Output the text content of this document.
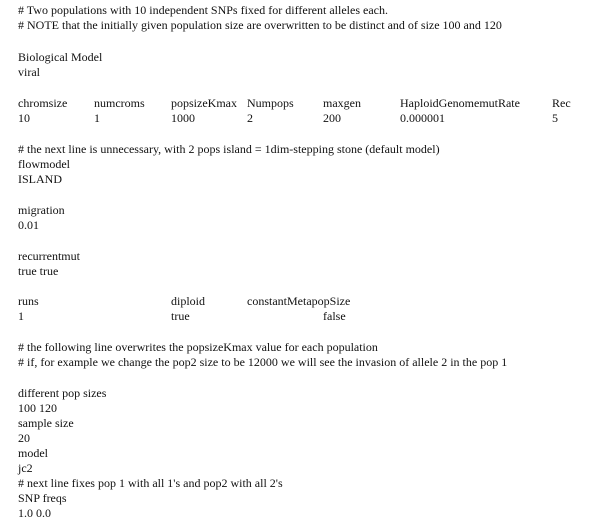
# Two populations with 10 independent SNPs fixed for different alleles each.
# NOTE that the initially given population size are overwritten to be distinct and of size 100 and 120
Biological Model
viral
chromsize numcroms popsizeKmax Numpops maxgen	HaploidGenomemutRate	Rec
10	1	1000	2	200	0.000001	5
# the next line is unnecessary, with 2 pops island = 1dim-stepping stone (default model)
flowmodel
ISLAND
migration
0.01
recurrentmut
true true
runs	diploid	constantMetapopSize
1	true	false
# the following line overwrites the popsizeKmax value for each population
# if, for example we change the pop2 size to be 12000 we will see the invasion of allele 2 in the pop 1
different pop sizes
100 120
sample size
20
model
jc2
# next line fixes pop 1 with all 1's and pop2 with all 2's
SNP freqs
1.0 0.0
